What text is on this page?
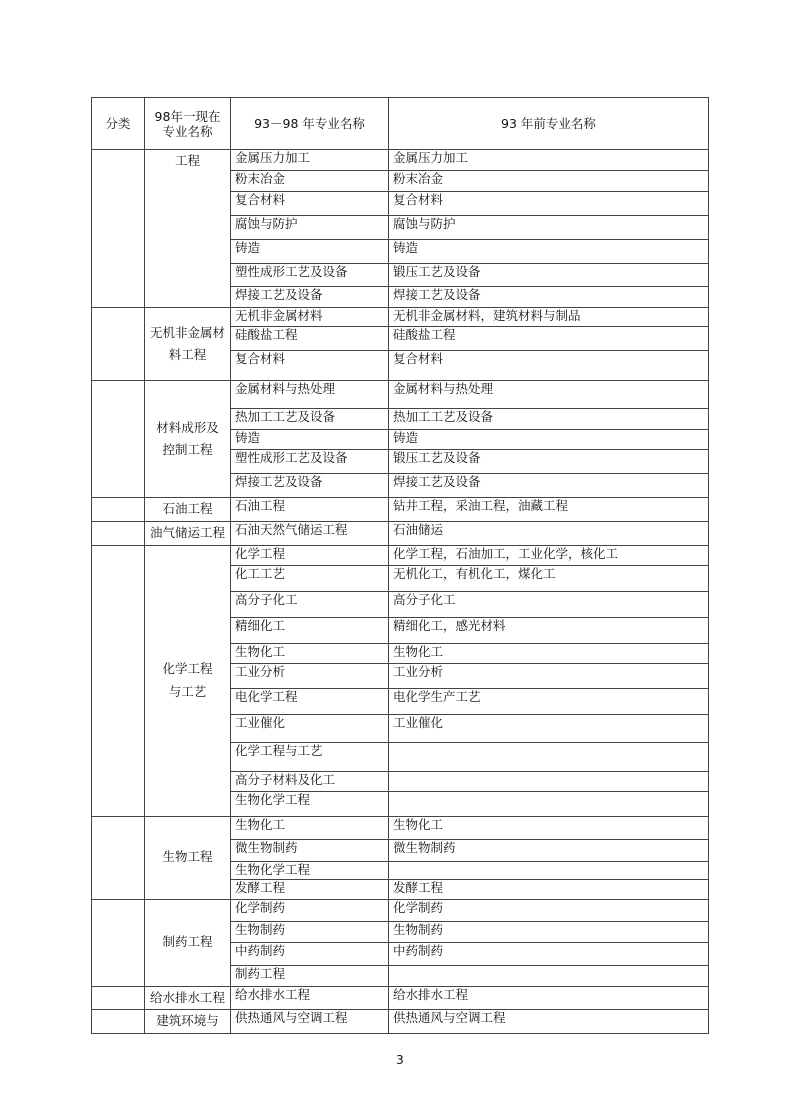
分类	98年一现在专业名称	93－98 年专业名称	93 年前专业名称
	工程	金属压力加工	金属压力加工
		粉末冶金	粉末冶金
		复合材料	复合材料
		腐蚀与防护	腐蚀与防护
		铸造	铸造
		塑性成形工艺及设备	锻压工艺及设备
		焊接工艺及设备	焊接工艺及设备
	无机非金属材料工程	无机非金属材料	无机非金属材料，建筑材料与制品
		硅酸盐工程	硅酸盐工程
		复合材料	复合材料
	材料成形及控制工程	金属材料与热处理	金属材料与热处理
		热加工工艺及设备	热加工工艺及设备
		铸造	铸造
		塑性成形工艺及设备	锻压工艺及设备
		焊接工艺及设备	焊接工艺及设备
	石油工程	石油工程	钻井工程，采油工程，油藏工程
	油气储运工程	石油天然气储运工程	石油储运
	化学工程与工艺	化学工程	化学工程，石油加工，工业化学，核化工
		化工工艺	无机化工，有机化工，煤化工
		高分子化工	高分子化工
		精细化工	精细化工，感光材料
		生物化工	生物化工
		工业分析	工业分析
		电化学工程	电化学生产工艺
		工业催化	工业催化
		化学工程与工艺	
		高分子材料及化工	
		生物化学工程	
	生物工程	生物化工	生物化工
		微生物制药	微生物制药
		生物化学工程	
		发酵工程	发酵工程
	制药工程	化学制药	化学制药
		生物制药	生物制药
		中药制药	中药制药
		制药工程	
	给水排水工程	给水排水工程	给水排水工程
	建筑环境与	供热通风与空调工程	供热通风与空调工程
3
